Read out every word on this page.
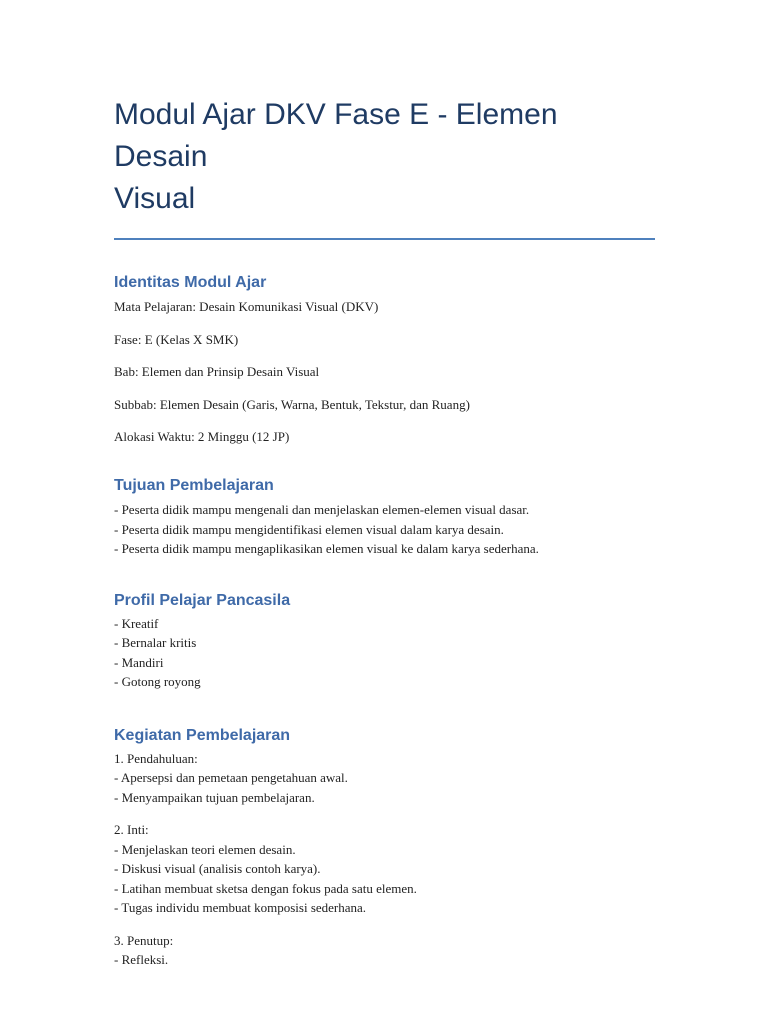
Modul Ajar DKV Fase E - Elemen Desain
Visual
Identitas Modul Ajar

Mata Pelajaran: Desain Komunikasi Visual (DKV)

Fase: E (Kelas X SMK)

Bab: Elemen dan Prinsip Desain Visual

Subbab: Elemen Desain (Garis, Warna, Bentuk, Tekstur, dan Ruang)

Alokasi Waktu: 2 Minggu (12 JP)

Tujuan Pembelajaran

- Peserta didik mampu mengenali dan menjelaskan elemen-elemen visual dasar.

- Peserta didik mampu mengidentifikasi elemen visual dalam karya desain.

- Peserta didik mampu mengaplikasikan elemen visual ke dalam karya sederhana.

Profil Pelajar Pancasila

- Kreatif

- Bernalar kritis

- Mandiri

- Gotong royong

Kegiatan Pembelajaran

1. Pendahuluan:

- Apersepsi dan pemetaan pengetahuan awal.

- Menyampaikan tujuan pembelajaran.

2. Inti:

- Menjelaskan teori elemen desain.

- Diskusi visual (analisis contoh karya).

- Latihan membuat sketsa dengan fokus pada satu elemen.

- Tugas individu membuat komposisi sederhana.

3. Penutup:

- Refleksi.
